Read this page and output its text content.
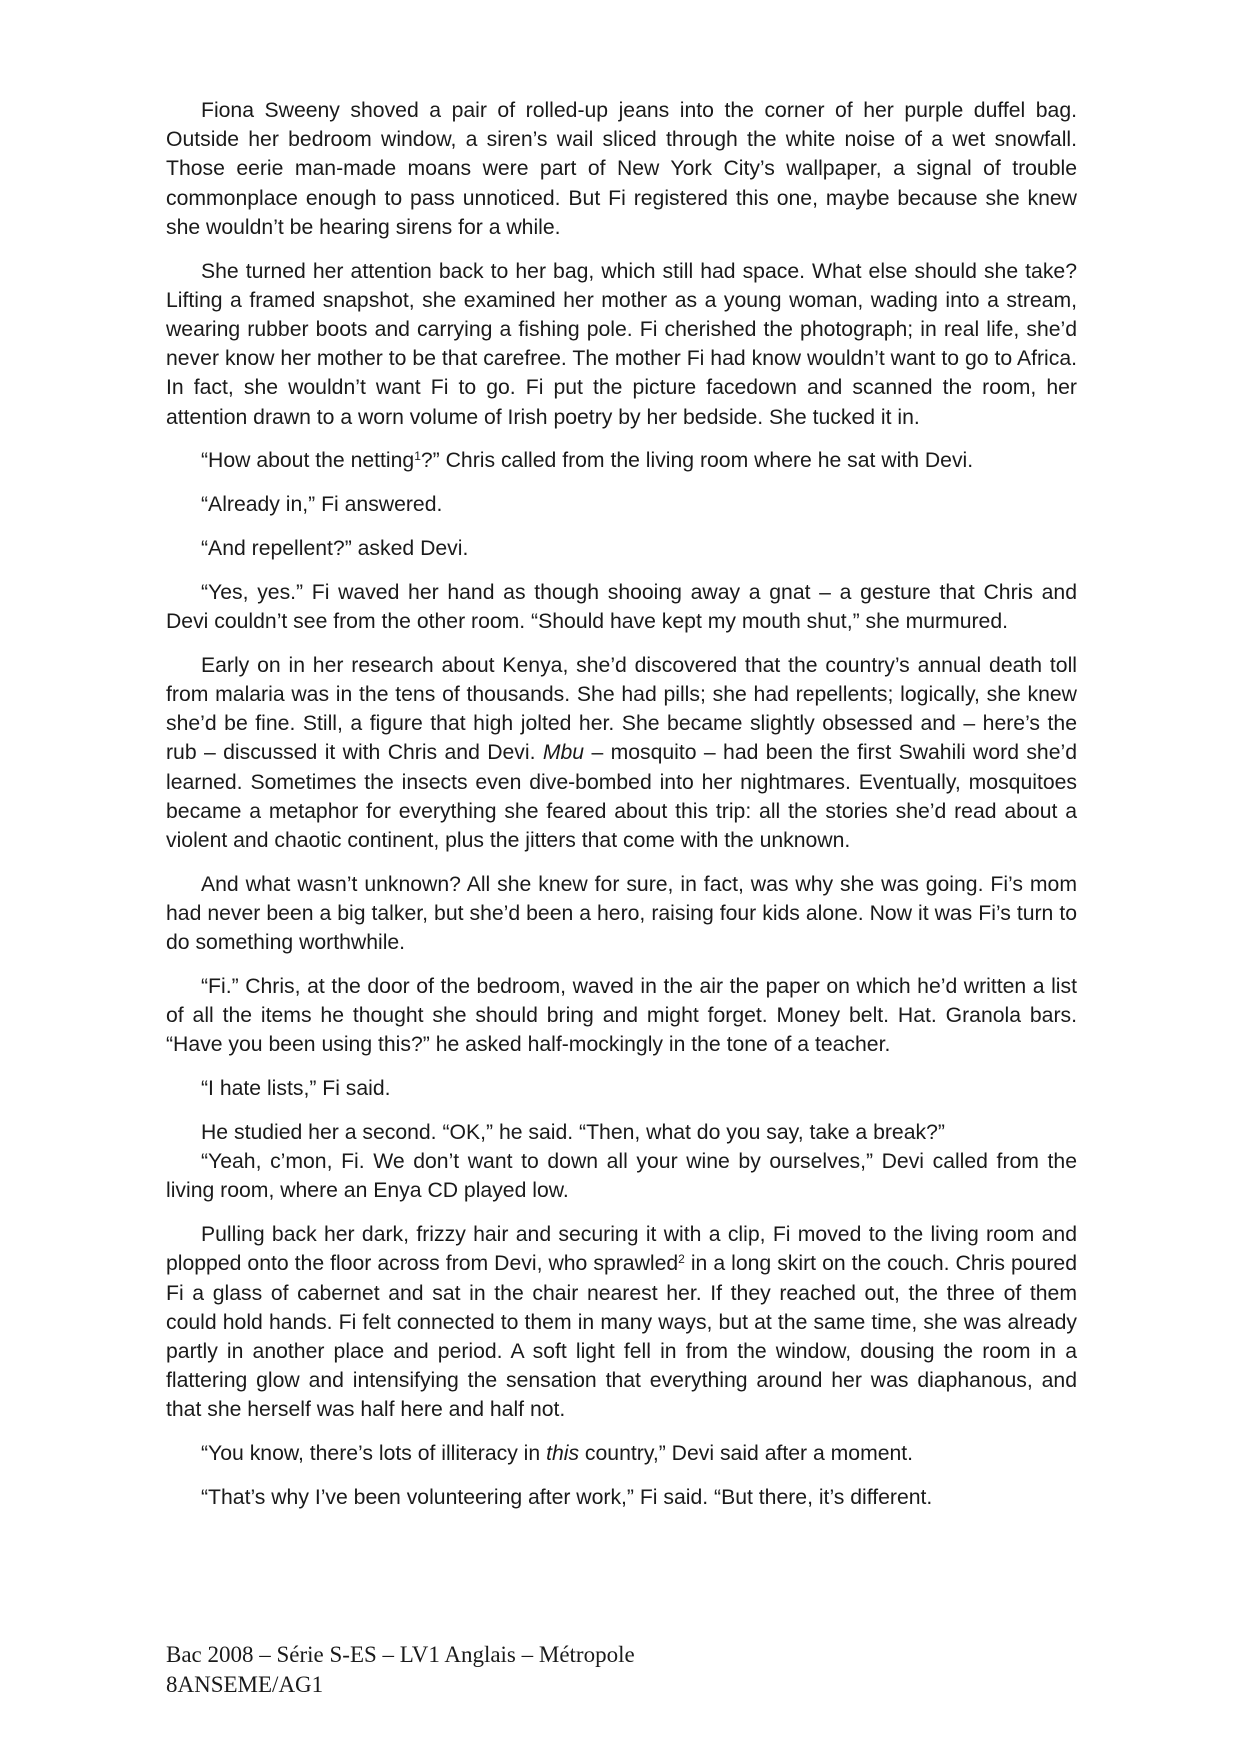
Fiona Sweeny shoved a pair of rolled-up jeans into the corner of her purple duffel bag. Outside her bedroom window, a siren’s wail sliced through the white noise of a wet snowfall. Those eerie man-made moans were part of New York City’s wallpaper, a signal of trouble commonplace enough to pass unnoticed. But Fi registered this one, maybe because she knew she wouldn’t be hearing sirens for a while.

She turned her attention back to her bag, which still had space. What else should she take? Lifting a framed snapshot, she examined her mother as a young woman, wading into a stream, wearing rubber boots and carrying a fishing pole. Fi cherished the photograph; in real life, she’d never know her mother to be that carefree. The mother Fi had know wouldn’t want to go to Africa. In fact, she wouldn’t want Fi to go. Fi put the picture facedown and scanned the room, her attention drawn to a worn volume of Irish poetry by her bedside. She tucked it in.

“How about the netting$^1$?” Chris called from the living room where he sat with Devi.

“Already in,” Fi answered.

“And repellent?” asked Devi.

“Yes, yes.” Fi waved her hand as though shooing away a gnat – a gesture that Chris and Devi couldn’t see from the other room. “Should have kept my mouth shut,” she murmured.

Early on in her research about Kenya, she’d discovered that the country’s annual death toll from malaria was in the tens of thousands. She had pills; she had repellents; logically, she knew she’d be fine. Still, a figure that high jolted her. She became slightly obsessed and – here’s the rub – discussed it with Chris and Devi. Mbu – mosquito – had been the first Swahili word she’d learned. Sometimes the insects even dive-bombed into her nightmares. Eventually, mosquitoes became a metaphor for everything she feared about this trip: all the stories she’d read about a violent and chaotic continent, plus the jitters that come with the unknown.

And what wasn’t unknown? All she knew for sure, in fact, was why she was going. Fi’s mom had never been a big talker, but she’d been a hero, raising four kids alone. Now it was Fi’s turn to do something worthwhile.

“Fi.” Chris, at the door of the bedroom, waved in the air the paper on which he’d written a list of all the items he thought she should bring and might forget. Money belt. Hat. Granola bars. “Have you been using this?” he asked half-mockingly in the tone of a teacher.

“I hate lists,” Fi said.

He studied her a second. “OK,” he said. “Then, what do you say, take a break?”

“Yeah, c’mon, Fi. We don’t want to down all your wine by ourselves,” Devi called from the living room, where an Enya CD played low.

Pulling back her dark, frizzy hair and securing it with a clip, Fi moved to the living room and plopped onto the floor across from Devi, who sprawled$^2$ in a long skirt on the couch. Chris poured Fi a glass of cabernet and sat in the chair nearest her. If they reached out, the three of them could hold hands. Fi felt connected to them in many ways, but at the same time, she was already partly in another place and period. A soft light fell in from the window, dousing the room in a flattering glow and intensifying the sensation that everything around her was diaphanous, and that she herself was half here and half not.

“You know, there’s lots of illiteracy in this country,” Devi said after a moment.

“That’s why I’ve been volunteering after work,” Fi said. “But there, it’s different.

Bac 2008 – Série S-ES – LV1 Anglais – Métropole
8ANSEME/AG1
